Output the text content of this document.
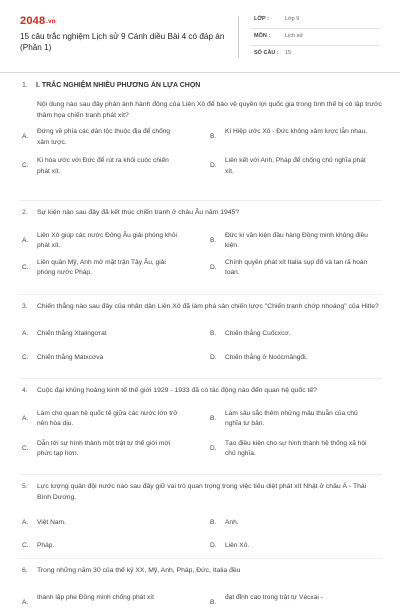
2048.vn
15 câu trắc nghiệm Lịch sử 9 Cánh diều Bài 4 có đáp án (Phần 1)
LỚP :	Lớp 9
MÔN :	Lịch sử
SỐ CÂU : 15
1. I. TRẮC NGHIỆM NHIỀU PHƯƠNG ÁN LỰA CHỌN
Nội dung nào sau đây phản ánh hành động của Liên Xô để bảo vệ quyền lợi quốc gia trong tình thế bị cô lập trước thâm họa chiến tranh phát xít?
A.
Đứng về phía các dân tộc thuộc địa để chống xâm lược.
B.
Kí Hiệp ước Xô - Đức không xâm lược lẫn nhau.
C.
Kí hòa ước với Đức để rút ra khỏi cuộc chiến phát xít.
D.
Liên kết với Anh, Pháp để chống chủ nghĩa phát xít.
2. Sự kiện nào sau đây đã kết thúc chiến tranh ở châu Âu năm 1945?
A.
Liên Xô giúp các nước Đông Âu giải phóng khỏi phát xít.
B.
Đức kí văn kiện đầu hàng Đồng minh không điều kiện.
C.
Liên quân Mỹ, Anh mở mặt trận Tây Âu, giải phóng nước Pháp.
D.
Chính quyền phát xít Italia sụp đổ và tan rã hoàn toàn.
3. Chiến thắng nào sau đây của nhân dân Liên Xô đã làm phá sản chiến lược "Chiến tranh chớp nhoáng" của Hitle?
A.	Chiến thắng Xtalingơrat	B.	Chiến thắng Cuốcxcơ.
C.	Chiến thắng Mátxcơva	D.	Chiến thắng ở Noócmăngđi.
4. Cuộc đại khủng hoảng kinh tế thế giới 1929 - 1933 đã có tác động nào đến quan hệ quốc tế?
A.
Làm cho quan hệ quốc tế giữa các nước lớn trở nên hòa dịu.
B.
Làm sâu sắc thêm những mâu thuẫn của chủ nghĩa tư bản.
C.
Dẫn tới sự hình thành một trật tự thế giới mới phức tạp hơn.
D.
Tạo điều kiện cho sự hình thành hệ thống xã hội chủ nghĩa.
5. Lực lượng quân đội nước nào sau đây giữ vai trò quan trọng trong việc tiêu diệt phát xít Nhật ở châu Á - Thái Bình Dương.
A.	Việt Nam.	B.	Anh.
C.	Pháp.	D.	Liên Xô.
6. Trong những năm 30 của thế kỷ XX, Mỹ, Anh, Pháp, Đức, Italia đều
A.
thành lập phe Đồng minh chống phát xít
B.
đạt đỉnh cao trong trật tự Vécxai -
